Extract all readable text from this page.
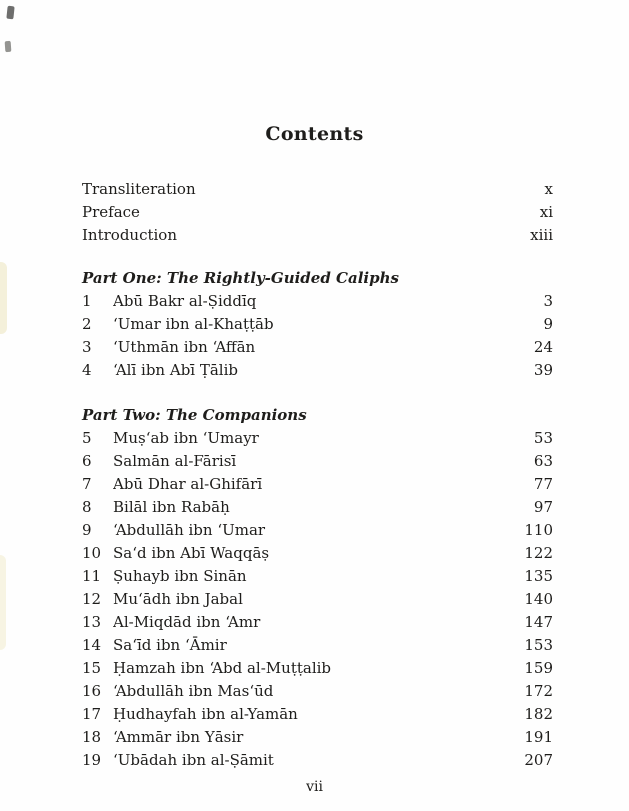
Contents
Transliteration	x
Preface	xi
Introduction	xiii
Part One: The Rightly-Guided Caliphs
1	Abū Bakr al-Ṣiddīq	3
2	‘Umar ibn al-Khaṭṭāb	9
3	‘Uthmān ibn ‘Affān	24
4	‘Alī ibn Abī Ṭālib	39
Part Two: The Companions
5	Muṣ‘ab ibn ‘Umayr	53
6	Salmān al-Fārisī	63
7	Abū Dhar al-Ghifārī	77
8	Bilāl ibn Rabāḥ	97
9	‘Abdullāh ibn ‘Umar	110
10 Sa‘d ibn Abī Waqqāṣ	122
11 Ṣuhayb ibn Sinān	135
12 Mu‘ādh ibn Jabal	140
13 Al-Miqdād ibn ‘Amr	147
14 Sa‘īd ibn ‘Āmir	153
15 Ḥamzah ibn ‘Abd al-Muṭṭalib	159
16 ‘Abdullāh ibn Mas‘ūd	172
17 Ḥudhayfah ibn al-Yamān	182
18 ‘Ammār ibn Yāsir	191
19 ‘Ubādah ibn al-Ṣāmit	207
vii
